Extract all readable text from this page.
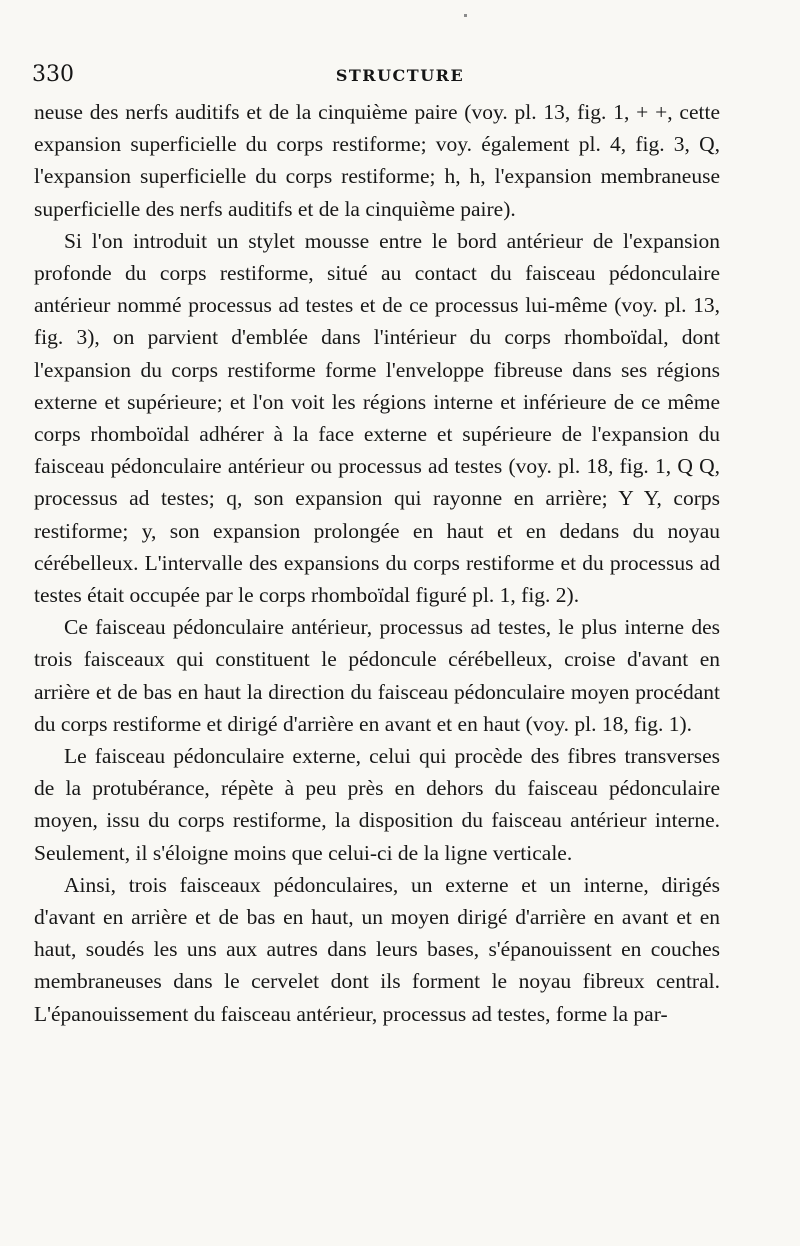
330	STRUCTURE

neuse des nerfs auditifs et de la cinquième paire (voy. pl. 13, fig. 1, + +, cette expansion superficielle du corps restiforme; voy. également pl. 4, fig. 3, Q, l'expansion superficielle du corps restiforme; h, h, l'expansion membraneuse superficielle des nerfs auditifs et de la cinquième paire).

Si l'on introduit un stylet mousse entre le bord antérieur de l'expansion profonde du corps restiforme, situé au contact du faisceau pédonculaire antérieur nommé processus ad testes et de ce processus lui-même (voy. pl. 13, fig. 3), on parvient d'emblée dans l'intérieur du corps rhomboïdal, dont l'expansion du corps restiforme forme l'enveloppe fibreuse dans ses régions externe et supérieure; et l'on voit les régions interne et inférieure de ce même corps rhomboïdal adhérer à la face externe et supérieure de l'expansion du faisceau pédonculaire antérieur ou processus ad testes (voy. pl. 18, fig. 1, Q Q, processus ad testes; q, son expansion qui rayonne en arrière; Y Y, corps restiforme; y, son expansion prolongée en haut et en dedans du noyau cérébelleux. L'intervalle des expansions du corps restiforme et du processus ad testes était occupée par le corps rhomboïdal figuré pl. 1, fig. 2).

Ce faisceau pédonculaire antérieur, processus ad testes, le plus interne des trois faisceaux qui constituent le pédoncule cérébelleux, croise d'avant en arrière et de bas en haut la direction du faisceau pédonculaire moyen procédant du corps restiforme et dirigé d'arrière en avant et en haut (voy. pl. 18, fig. 1).

Le faisceau pédonculaire externe, celui qui procède des fibres transverses de la protubérance, répète à peu près en dehors du faisceau pédonculaire moyen, issu du corps restiforme, la disposition du faisceau antérieur interne. Seulement, il s'éloigne moins que celui-ci de la ligne verticale.

Ainsi, trois faisceaux pédonculaires, un externe et un interne, dirigés d'avant en arrière et de bas en haut, un moyen dirigé d'arrière en avant et en haut, soudés les uns aux autres dans leurs bases, s'épanouissent en couches membraneuses dans le cervelet dont ils forment le noyau fibreux central. L'épanouissement du faisceau antérieur, processus ad testes, forme la par-
